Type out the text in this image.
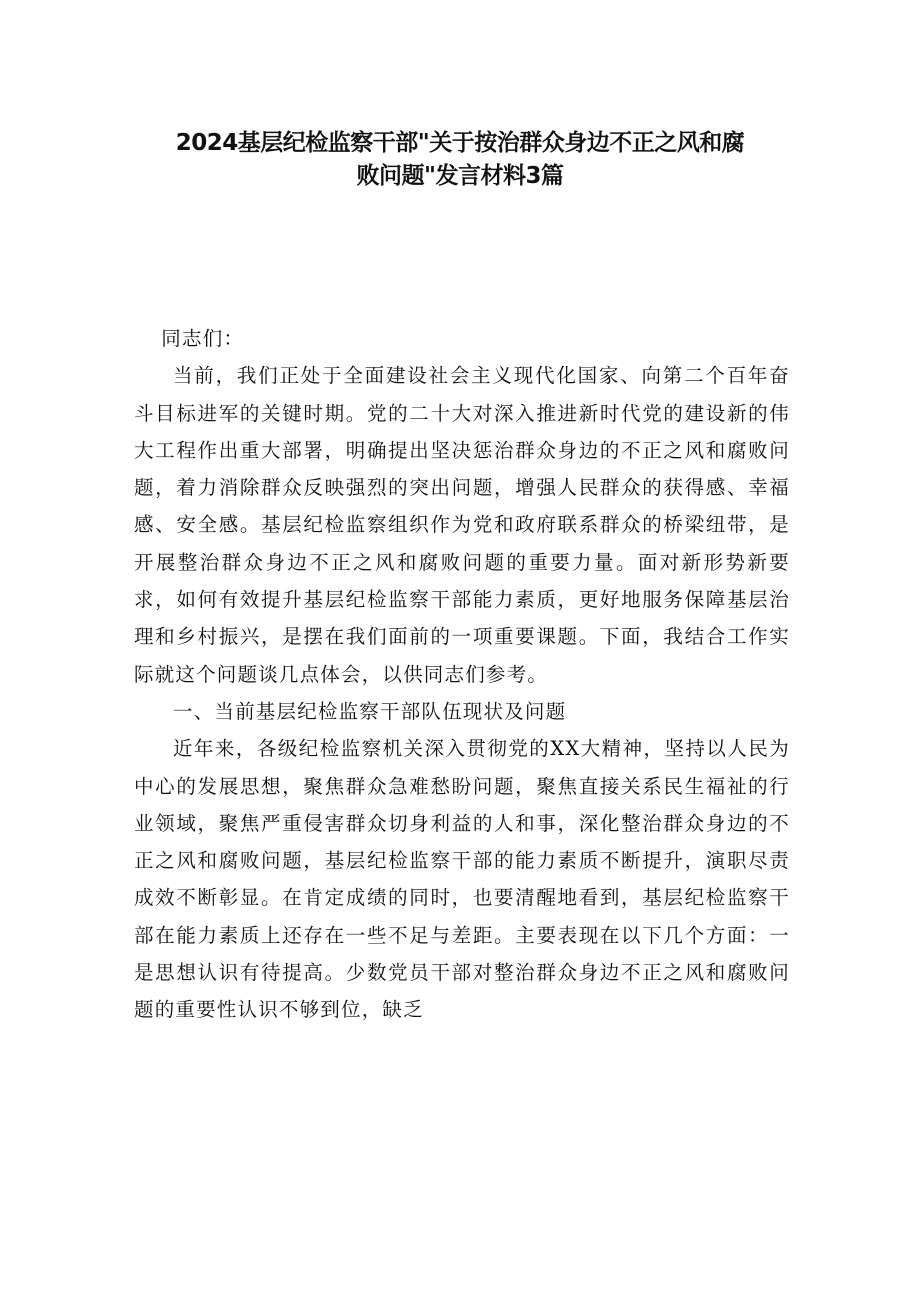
2024基层纪检监察干部"关于按治群众身边不正之风和腐
败问题"发言材料3篇

同志们：

当前，我们正处于全面建设社会主义现代化国家、向第二个百年奋斗目标进军的关键时期。党的二十大对深入推进新时代党的建设新的伟大工程作出重大部署，明确提出坚决惩治群众身边的不正之风和腐败问题，着力消除群众反映强烈的突出问题，增强人民群众的获得感、幸福感、安全感。基层纪检监察组织作为党和政府联系群众的桥梁纽带，是开展整治群众身边不正之风和腐败问题的重要力量。面对新形势新要求，如何有效提升基层纪检监察干部能力素质，更好地服务保障基层治理和乡村振兴，是摆在我们面前的一项重要课题。下面，我结合工作实际就这个问题谈几点体会，以供同志们参考。

一、当前基层纪检监察干部队伍现状及问题

近年来，各级纪检监察机关深入贯彻党的XX大精神，坚持以人民为中心的发展思想，聚焦群众急难愁盼问题，聚焦直接关系民生福祉的行业领域，聚焦严重侵害群众切身利益的人和事，深化整治群众身边的不正之风和腐败问题，基层纪检监察干部的能力素质不断提升，演职尽责成效不断彰显。在肯定成绩的同时，也要清醒地看到，基层纪检监察干部在能力素质上还存在一些不足与差距。主要表现在以下几个方面：一是思想认识有待提高。少数党员干部对整治群众身边不正之风和腐败问题的重要性认识不够到位，缺乏
